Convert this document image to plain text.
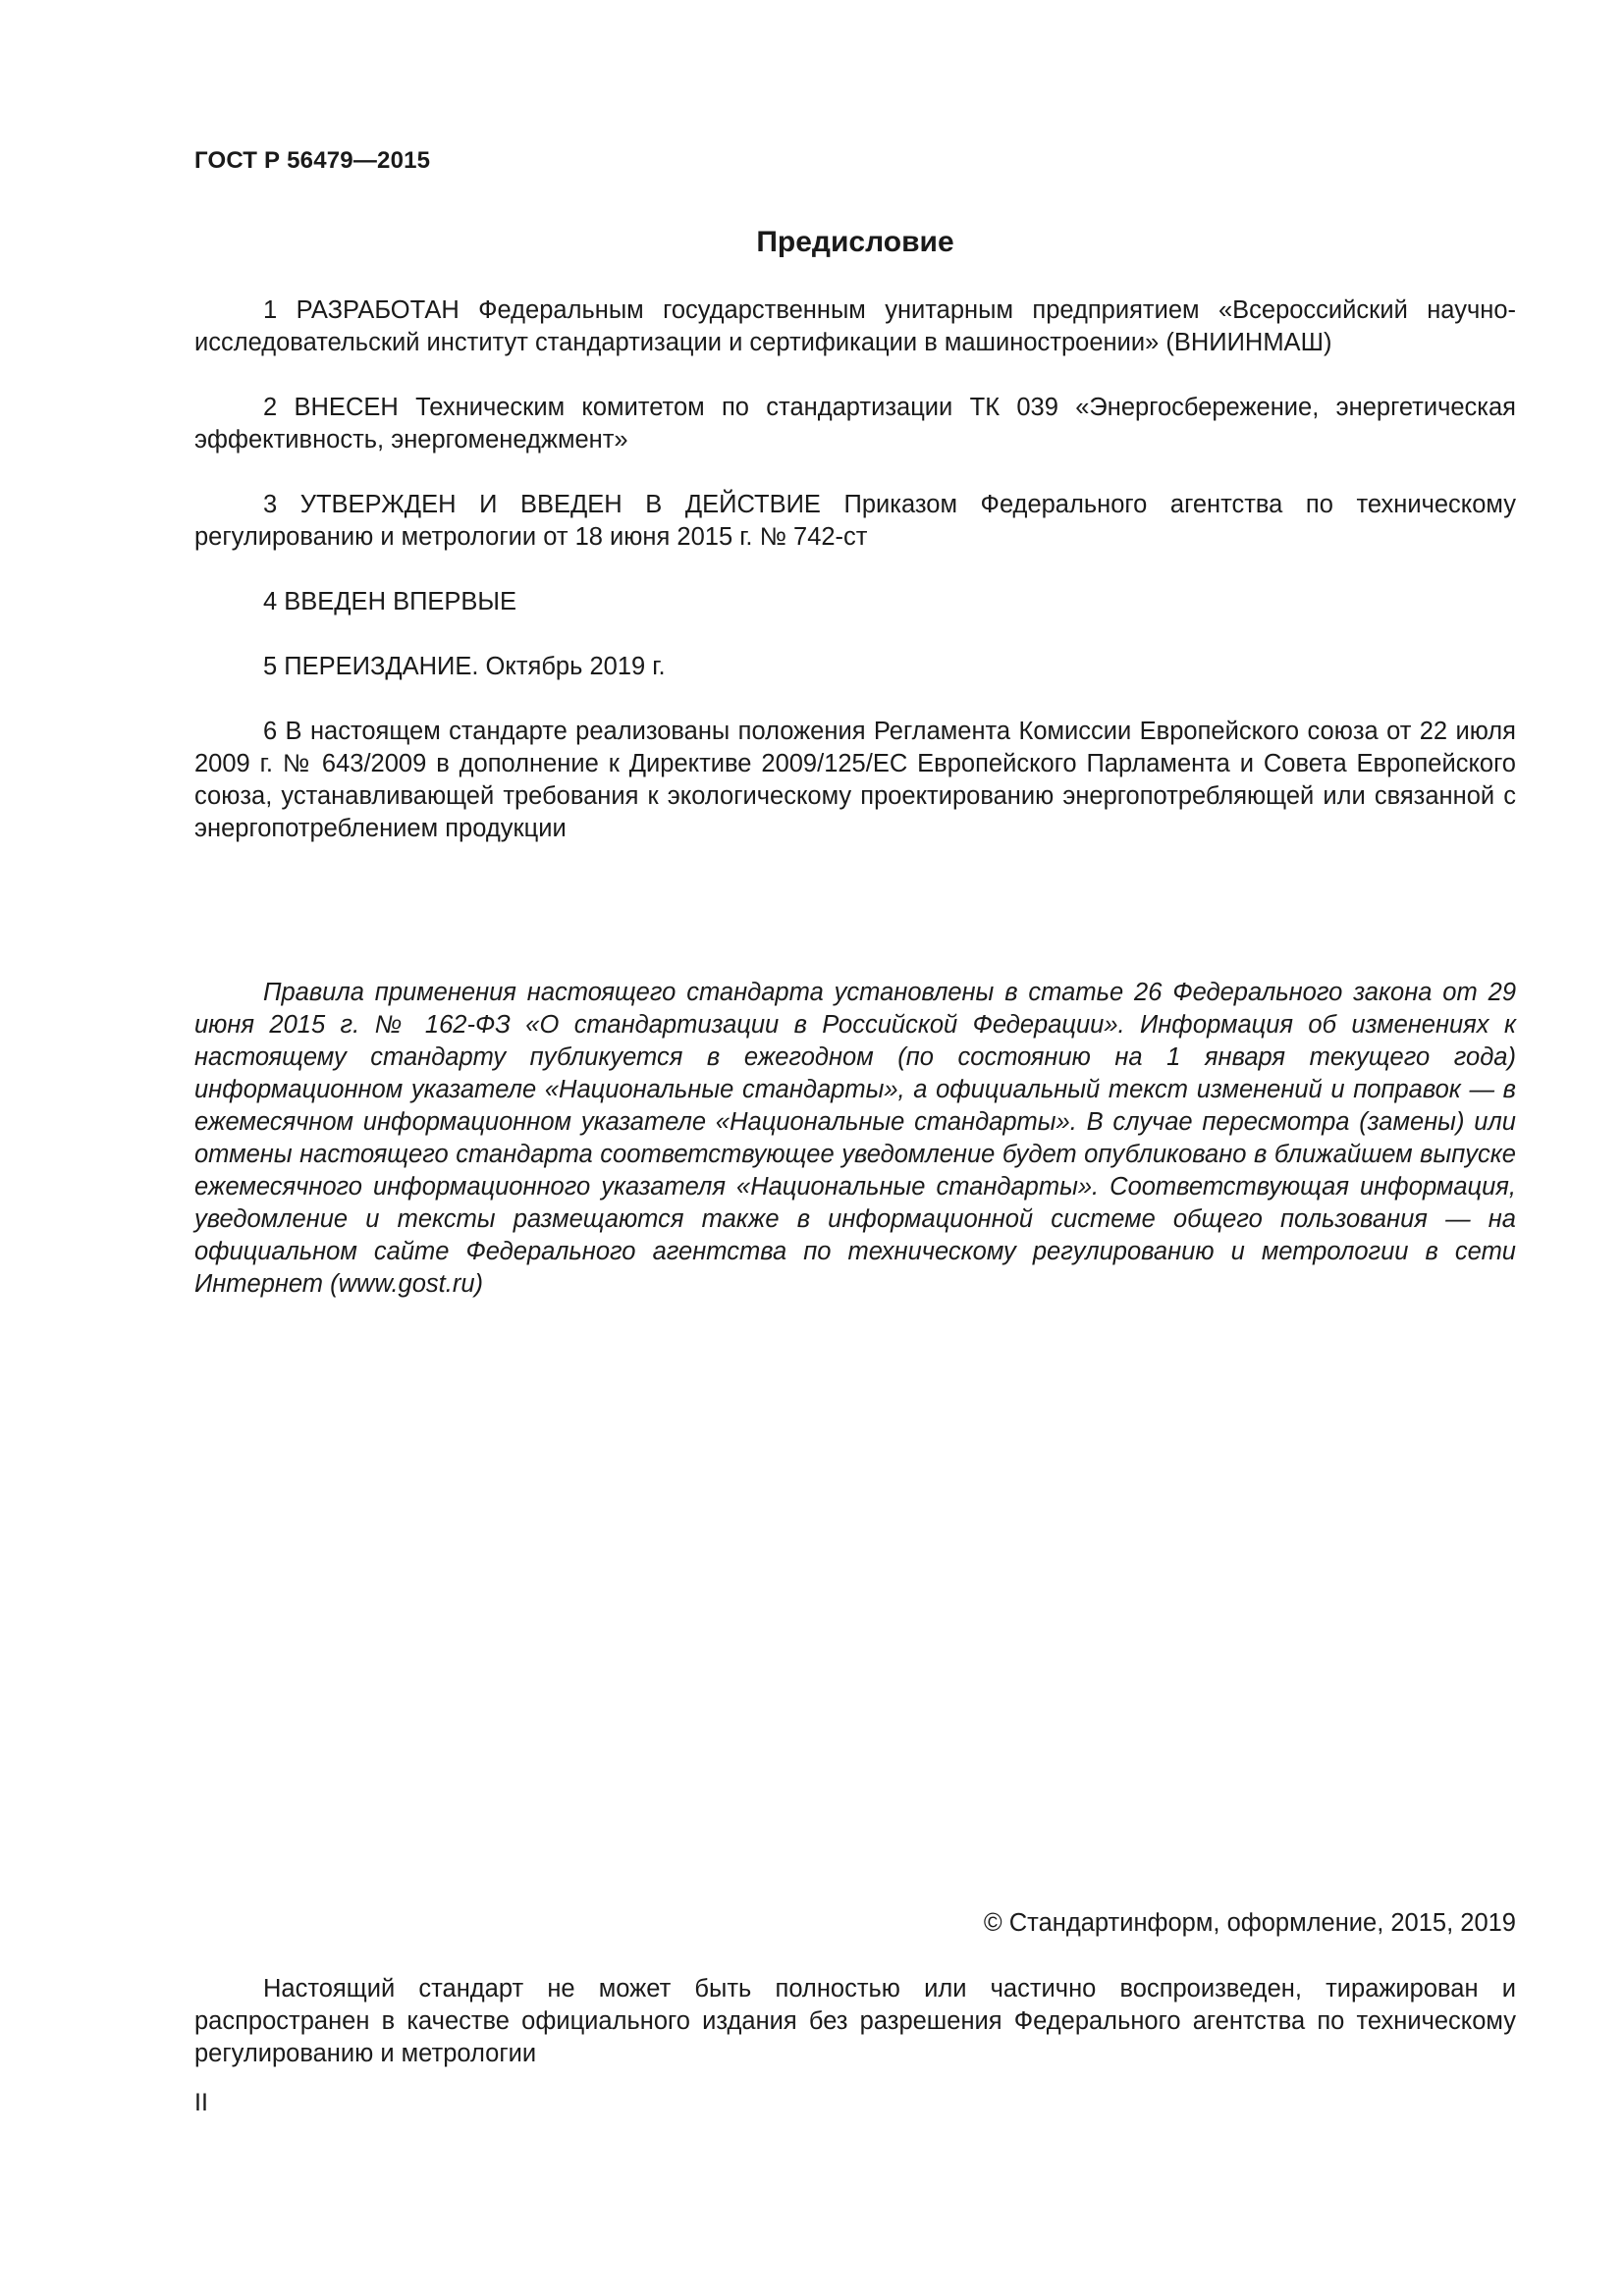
ГОСТ Р 56479—2015
Предисловие

1 РАЗРАБОТАН Федеральным государственным унитарным предприятием «Всероссийский научно-исследовательский институт стандартизации и сертификации в машиностроении» (ВНИИНМАШ)

2 ВНЕСЕН Техническим комитетом по стандартизации ТК 039 «Энергосбережение, энергетическая эффективность, энергоменеджмент»

3 УТВЕРЖДЕН И ВВЕДЕН В ДЕЙСТВИЕ Приказом Федерального агентства по техническому регулированию и метрологии от 18 июня 2015 г. № 742-ст

4 ВВЕДЕН ВПЕРВЫЕ

5 ПЕРЕИЗДАНИЕ. Октябрь 2019 г.

6 В настоящем стандарте реализованы положения Регламента Комиссии Европейского союза от 22 июля 2009 г. № 643/2009 в дополнение к Директиве 2009/125/ЕС Европейского Парламента и Совета Европейского союза, устанавливающей требования к экологическому проектированию энергопотребляющей или связанной с энергопотреблением продукции

Правила применения настоящего стандарта установлены в статье 26 Федерального закона от 29 июня 2015 г. № 162-ФЗ «О стандартизации в Российской Федерации». Информация об изменениях к настоящему стандарту публикуется в ежегодном (по состоянию на 1 января текущего года) информационном указателе «Национальные стандарты», а официальный текст изменений и поправок — в ежемесячном информационном указателе «Национальные стандарты». В случае пересмотра (замены) или отмены настоящего стандарта соответствующее уведомление будет опубликовано в ближайшем выпуске ежемесячного информационного указателя «Национальные стандарты». Соответствующая информация, уведомление и тексты размещаются также в информационной системе общего пользования — на официальном сайте Федерального агентства по техническому регулированию и метрологии в сети Интернет (www.gost.ru)

© Стандартинформ, оформление, 2015, 2019

Настоящий стандарт не может быть полностью или частично воспроизведен, тиражирован и распространен в качестве официального издания без разрешения Федерального агентства по техническому регулированию и метрологии

II
